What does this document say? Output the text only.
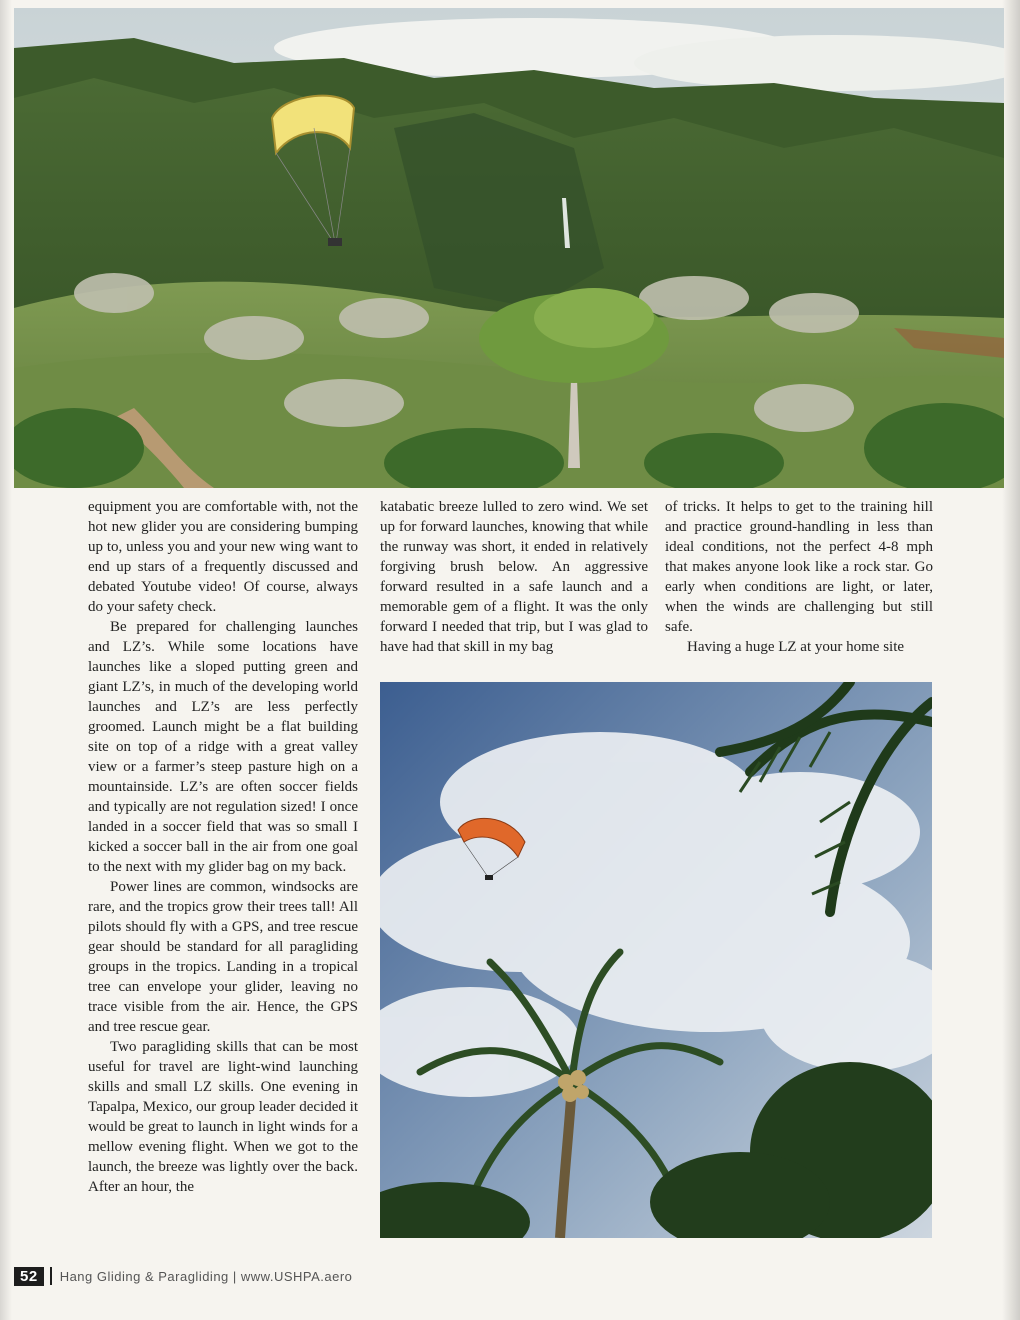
equipment you are comfortable with, not the hot new glider you are considering bumping up to, unless you and your new wing want to end up stars of a frequently discussed and debated Youtube video! Of course, always do your safety check.

Be prepared for challenging launches and LZ’s. While some locations have launches like a sloped putting green and giant LZ’s, in much of the developing world launches and LZ’s are less perfectly groomed. Launch might be a flat building site on top of a ridge with a great valley view or a farmer’s steep pasture high on a mountainside. LZ’s are often soccer fields and typically are not regulation sized! I once landed in a soccer field that was so small I kicked a soccer ball in the air from one goal to the next with my glider bag on my back.

Power lines are common, windsocks are rare, and the tropics grow their trees tall! All pilots should fly with a GPS, and tree rescue gear should be standard for all paragliding groups in the tropics. Landing in a tropical tree can envelope your glider, leaving no trace visible from the air. Hence, the GPS and tree rescue gear.

Two paragliding skills that can be most useful for travel are light-wind launching skills and small LZ skills. One evening in Tapalpa, Mexico, our group leader decided it would be great to launch in light winds for a mellow evening flight. When we got to the launch, the breeze was lightly over the back. After an hour, the

katabatic breeze lulled to zero wind. We set up for forward launches, knowing that while the runway was short, it ended in relatively forgiving brush below. An aggressive forward resulted in a safe launch and a memorable gem of a flight. It was the only forward I needed that trip, but I was glad to have had that skill in my bag

of tricks. It helps to get to the training hill and practice ground-handling in less than ideal conditions, not the perfect 4-8 mph that makes anyone look like a rock star. Go early when conditions are light, or later, when the winds are challenging but still safe.

Having a huge LZ at your home site

52	Hang Gliding & Paragliding | www.USHPA.aero
